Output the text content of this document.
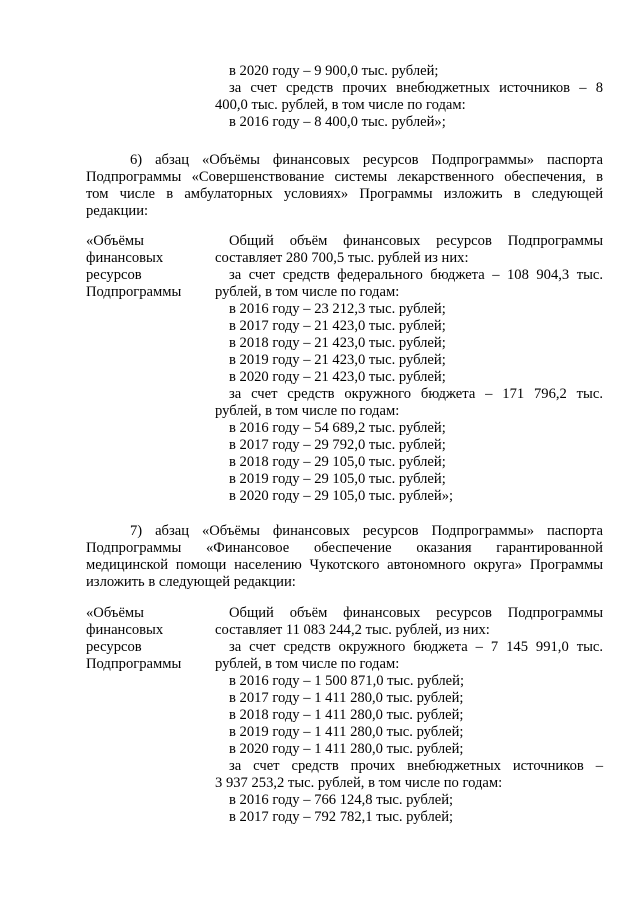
в 2020 году – 9 900,0 тыс. рублей;
за счет средств прочих внебюджетных источников – 8
400,0 тыс. рублей, в том числе по годам:
в 2016 году – 8 400,0 тыс. рублей»;
6) абзац «Объёмы финансовых ресурсов Подпрограммы» паспорта
Подпрограммы «Совершенствование системы лекарственного обеспечения, в
том числе в амбулаторных условиях» Программы изложить в следующей
редакции:
«Объёмы
финансовых
ресурсов
Подпрограммы
Общий объём финансовых ресурсов Подпрограммы
составляет 280 700,5 тыс. рублей из них:
за счет средств федерального бюджета – 108 904,3 тыс.
рублей, в том числе по годам:
в 2016 году – 23 212,3 тыс. рублей;
в 2017 году – 21 423,0 тыс. рублей;
в 2018 году – 21 423,0 тыс. рублей;
в 2019 году – 21 423,0 тыс. рублей;
в 2020 году – 21 423,0 тыс. рублей;
за счет средств окружного бюджета – 171 796,2 тыс.
рублей, в том числе по годам:
в 2016 году – 54 689,2 тыс. рублей;
в 2017 году – 29 792,0 тыс. рублей;
в 2018 году – 29 105,0 тыс. рублей;
в 2019 году – 29 105,0 тыс. рублей;
в 2020 году – 29 105,0 тыс. рублей»;
7) абзац «Объёмы финансовых ресурсов Подпрограммы» паспорта
Подпрограммы «Финансовое обеспечение оказания гарантированной
медицинской помощи населению Чукотского автономного округа» Программы
изложить в следующей редакции:
«Объёмы
финансовых
ресурсов
Подпрограммы
Общий объём финансовых ресурсов Подпрограммы
составляет 11 083 244,2 тыс. рублей, из них:
за счет средств окружного бюджета – 7 145 991,0 тыс.
рублей, в том числе по годам:
в 2016 году – 1 500 871,0 тыс. рублей;
в 2017 году – 1 411 280,0 тыс. рублей;
в 2018 году – 1 411 280,0 тыс. рублей;
в 2019 году – 1 411 280,0 тыс. рублей;
в 2020 году – 1 411 280,0 тыс. рублей;
за счет средств прочих внебюджетных источников –
3 937 253,2 тыс. рублей, в том числе по годам:
в 2016 году – 766 124,8 тыс. рублей;
в 2017 году – 792 782,1 тыс. рублей;
